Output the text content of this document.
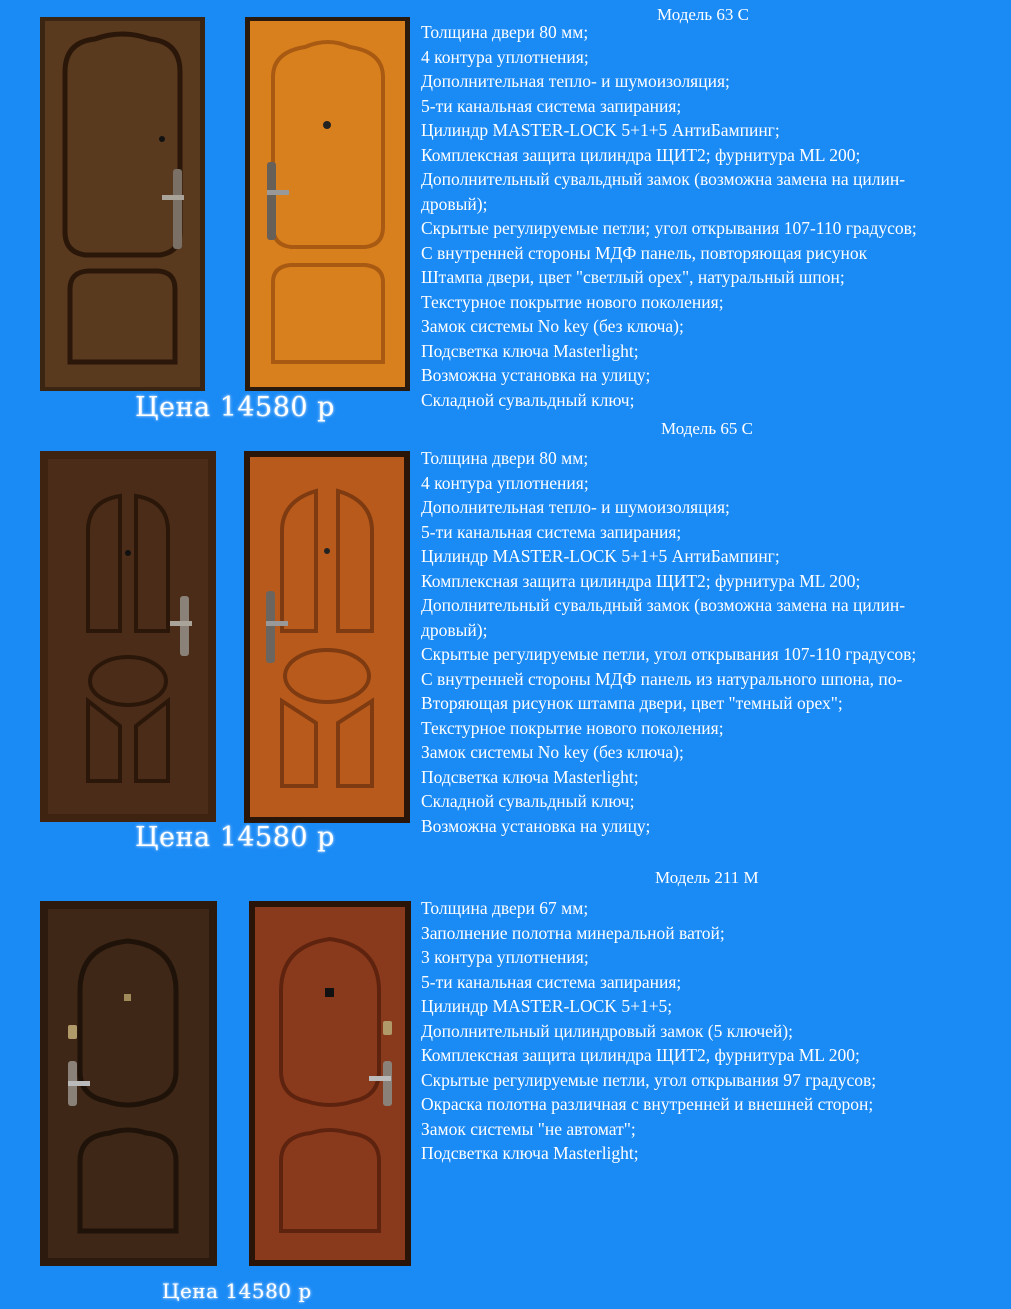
Модель 63 С
Цена 14580 р
Толщина двери 80 мм;
4 контура уплотнения;
Дополнительная тепло- и шумоизоляция;
5-ти канальная система запирания;
Цилиндр MASTER-LOCK 5+1+5 АнтиБампинг;
Комплексная защита цилиндра ЩИТ2; фурнитура ML 200;
Дополнительный сувальдный замок (возможна замена на цилин-
дровый);
Скрытые регулируемые петли; угол открывания 107-110 градусов;
С внутренней стороны МДФ панель, повторяющая рисунок
Штампа двери, цвет "светлый орех", натуральный шпон;
Текстурное покрытие нового поколения;
Замок системы No key (без ключа);
Подсветка ключа Masterlight;
Возможна установка на улицу;
Складной сувальдный ключ;
Модель 65 С
Цена 14580 р
Толщина двери 80 мм;
4 контура уплотнения;
Дополнительная тепло- и шумоизоляция;
5-ти канальная система запирания;
Цилиндр MASTER-LOCK 5+1+5 АнтиБампинг;
Комплексная защита цилиндра ЩИТ2; фурнитура ML 200;
Дополнительный сувальдный замок (возможна замена на цилин-
дровый);
Скрытые регулируемые петли, угол открывания 107-110 градусов;
С внутренней стороны МДФ панель из натурального шпона, по-
Вторяющая рисунок штампа двери, цвет "темный орех";
Текстурное покрытие нового поколения;
Замок системы No key (без ключа);
Подсветка ключа Masterlight;
Складной сувальдный ключ;
Возможна установка на улицу;
Модель 211 М
Цена 14580 р
Толщина двери 67 мм;
Заполнение полотна минеральной ватой;
3 контура уплотнения;
5-ти канальная система запирания;
Цилиндр MASTER-LOCK 5+1+5;
Дополнительный цилиндровый замок (5 ключей);
Комплексная защита цилиндра ЩИТ2, фурнитура ML 200;
Скрытые регулируемые петли, угол открывания 97 градусов;
Окраска полотна различная с внутренней и внешней сторон;
Замок системы "не автомат";
Подсветка ключа Masterlight;
